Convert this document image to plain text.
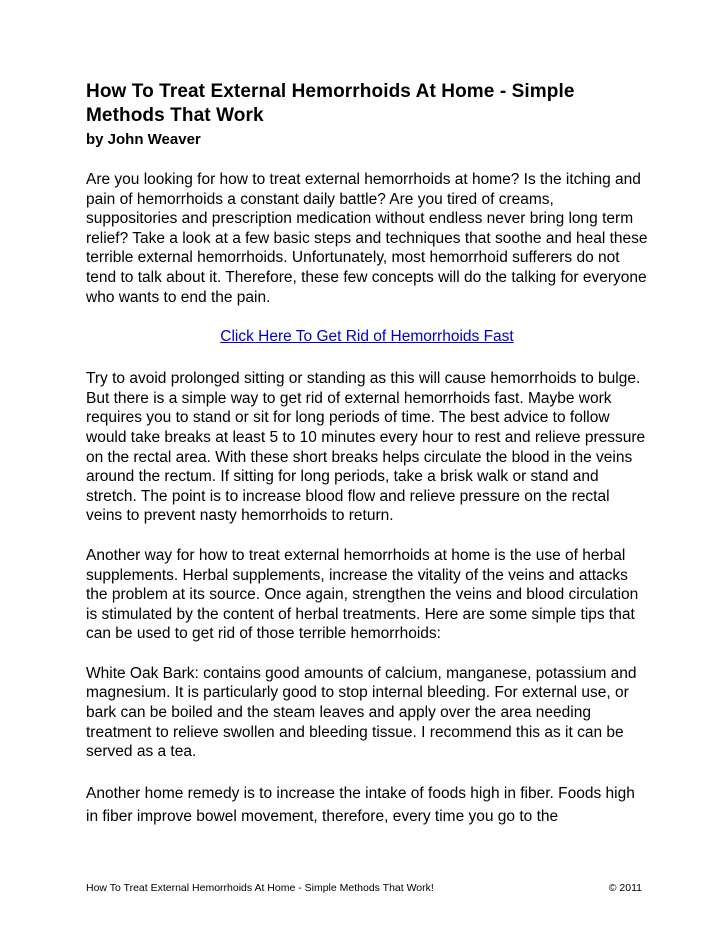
How To Treat External Hemorrhoids At Home - Simple Methods That Work
by John Weaver

Are you looking for how to treat external hemorrhoids at home? Is the itching and pain of hemorrhoids a constant daily battle? Are you tired of creams, suppositories and prescription medication without endless never bring long term relief? Take a look at a few basic steps and techniques that soothe and heal these terrible external hemorrhoids. Unfortunately, most hemorrhoid sufferers do not tend to talk about it. Therefore, these few concepts will do the talking for everyone who wants to end the pain.

Click Here To Get Rid of Hemorrhoids Fast

Try to avoid prolonged sitting or standing as this will cause hemorrhoids to bulge. But there is a simple way to get rid of external hemorrhoids fast. Maybe work requires you to stand or sit for long periods of time. The best advice to follow would take breaks at least 5 to 10 minutes every hour to rest and relieve pressure on the rectal area. With these short breaks helps circulate the blood in the veins around the rectum. If sitting for long periods, take a brisk walk or stand and stretch. The point is to increase blood flow and relieve pressure on the rectal veins to prevent nasty hemorrhoids to return.

Another way for how to treat external hemorrhoids at home is the use of herbal supplements. Herbal supplements, increase the vitality of the veins and attacks the problem at its source. Once again, strengthen the veins and blood circulation is stimulated by the content of herbal treatments. Here are some simple tips that can be used to get rid of those terrible hemorrhoids:

White Oak Bark: contains good amounts of calcium, manganese, potassium and magnesium. It is particularly good to stop internal bleeding. For external use, or bark can be boiled and the steam leaves and apply over the area needing treatment to relieve swollen and bleeding tissue. I recommend this as it can be served as a tea.

Another home remedy is to increase the intake of foods high in fiber. Foods high in fiber improve bowel movement, therefore, every time you go to the

How To Treat External Hemorrhoids At Home - Simple Methods That Work!	© 2011
